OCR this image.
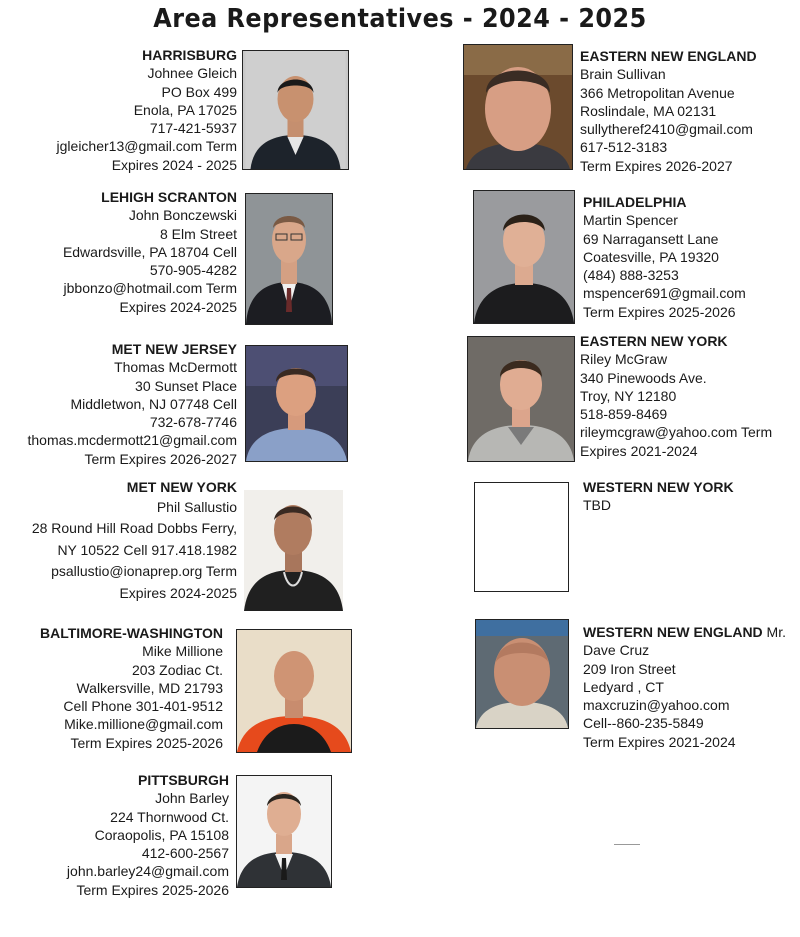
Area Representatives - 2024 - 2025
HARRISBURG
Johnee Gleich
PO Box 499
Enola, PA 17025
717-421-5937
jgleicher13@gmail.com Term
Expires 2024 - 2025
LEHIGH SCRANTON
John Bonczewski
8 Elm Street
Edwardsville, PA 18704 Cell
570-905-4282
jbbonzo@hotmail.com Term
Expires 2024-2025
MET NEW JERSEY
Thomas McDermott
30 Sunset Place
Middletwon, NJ 07748 Cell
732-678-7746
thomas.mcdermott21@gmail.com
Term Expires 2026-2027
MET NEW YORK
Phil Sallustio
28 Round Hill Road Dobbs Ferry,
NY 10522 Cell 917.418.1982
psallustio@ionaprep.org Term
Expires 2024-2025
BALTIMORE-WASHINGTON
Mike Millione
203 Zodiac Ct.
Walkersville, MD 21793
Cell Phone 301-401-9512
Mike.millione@gmail.com
Term Expires 2025-2026
PITTSBURGH
John Barley
224 Thornwood Ct.
Coraopolis, PA 15108
412-600-2567
john.barley24@gmail.com
Term Expires 2025-2026
EASTERN NEW ENGLAND
Brain Sullivan
366 Metropolitan Avenue
Roslindale, MA 02131
sullytheref2410@gmail.com
617-512-3183
Term Expires 2026-2027
PHILADELPHIA
Martin Spencer
69 Narragansett Lane
Coatesville, PA 19320
(484) 888-3253
mspencer691@gmail.com
Term Expires 2025-2026
EASTERN NEW YORK
Riley McGraw
340 Pinewoods Ave.
Troy, NY 12180
518-859-8469
rileymcgraw@yahoo.com Term
Expires 2021-2024
WESTERN NEW YORK
TBD
WESTERN NEW ENGLAND Mr.
Dave Cruz
209 Iron Street
Ledyard , CT
maxcruzin@yahoo.com
Cell--860-235-5849
Term Expires 2021-2024
